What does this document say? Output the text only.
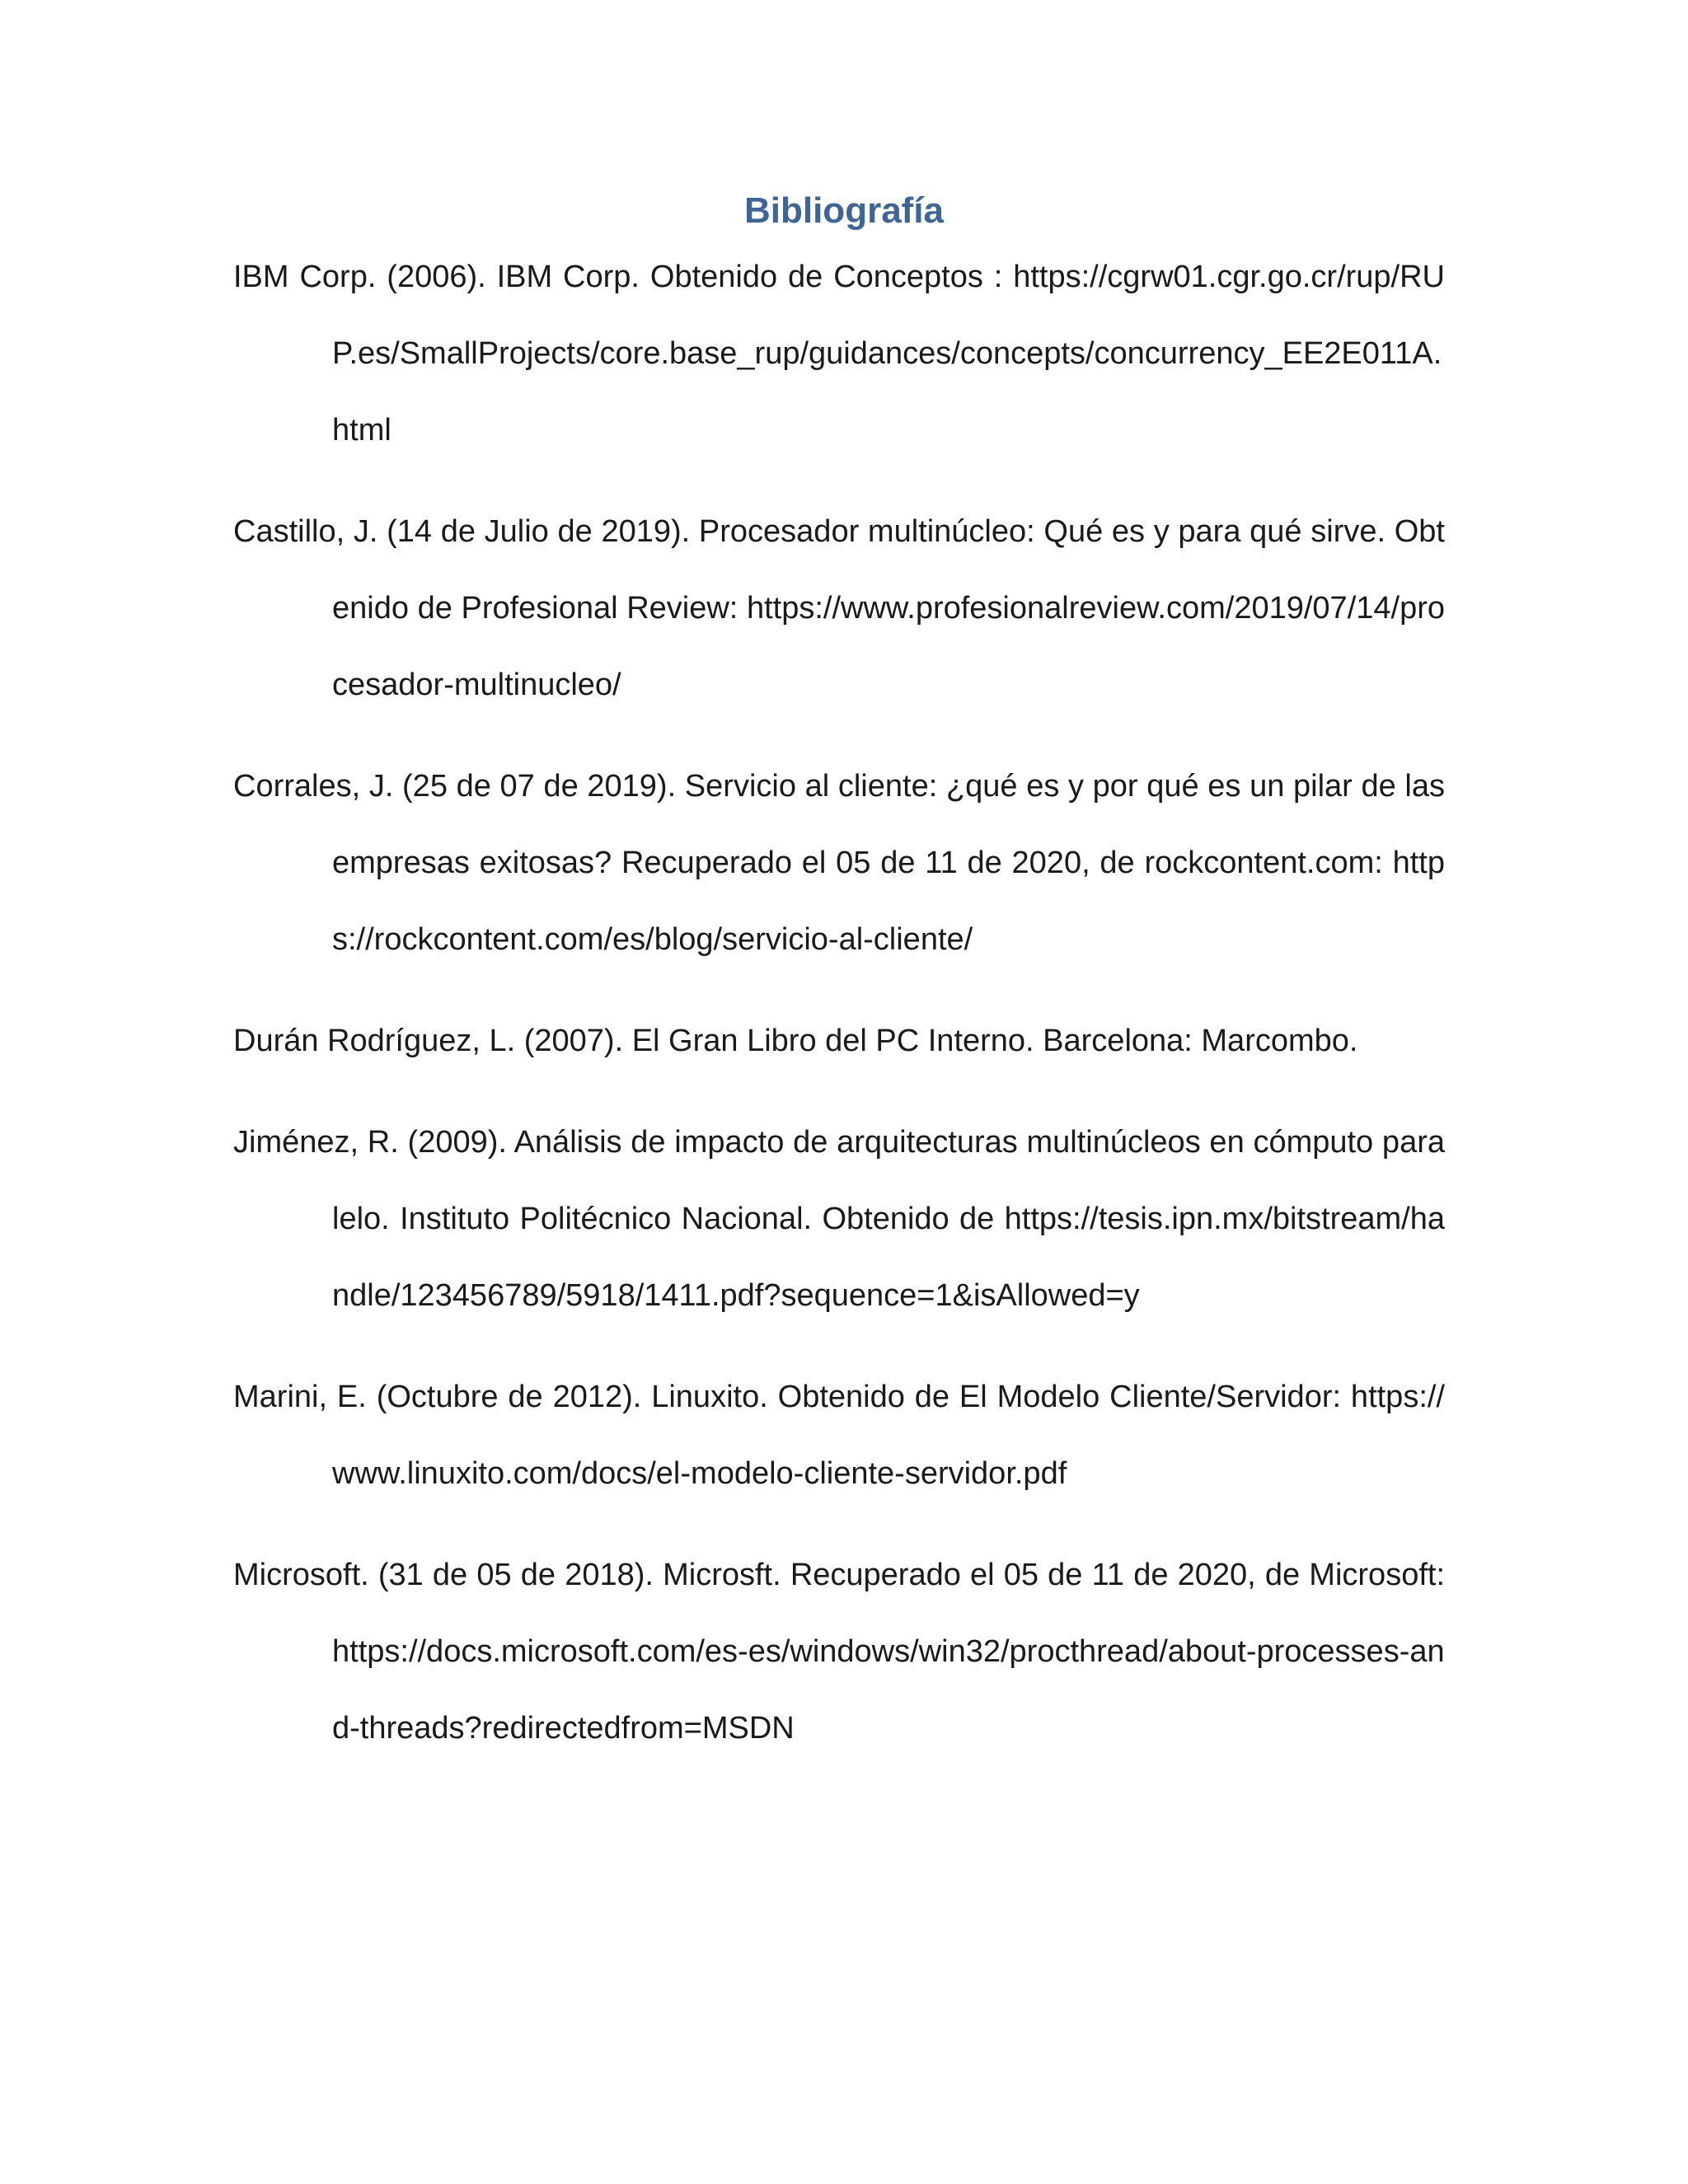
Bibliografía

IBM Corp. (2006). IBM Corp. Obtenido de Conceptos : https://cgrw01.cgr.go.cr/rup/RUP.es/SmallProjects/core.base_rup/guidances/concepts/concurrency_EE2E011A.html

Castillo, J. (14 de Julio de 2019). Procesador multinúcleo: Qué es y para qué sirve. Obtenido de Profesional Review: https://www.profesionalreview.com/2019/07/14/procesador-multinucleo/

Corrales, J. (25 de 07 de 2019). Servicio al cliente: ¿qué es y por qué es un pilar de las empresas exitosas? Recuperado el 05 de 11 de 2020, de rockcontent.com: https://rockcontent.com/es/blog/servicio-al-cliente/

Durán Rodríguez, L. (2007). El Gran Libro del PC Interno. Barcelona: Marcombo.

Jiménez, R. (2009). Análisis de impacto de arquitecturas multinúcleos en cómputo paralelo. Instituto Politécnico Nacional. Obtenido de https://tesis.ipn.mx/bitstream/handle/123456789/5918/1411.pdf?sequence=1&isAllowed=y

Marini, E. (Octubre de 2012). Linuxito. Obtenido de El Modelo Cliente/Servidor: https://www.linuxito.com/docs/el-modelo-cliente-servidor.pdf

Microsoft. (31 de 05 de 2018). Microsft. Recuperado el 05 de 11 de 2020, de Microsoft: https://docs.microsoft.com/es-es/windows/win32/procthread/about-processes-and-threads?redirectedfrom=MSDN
